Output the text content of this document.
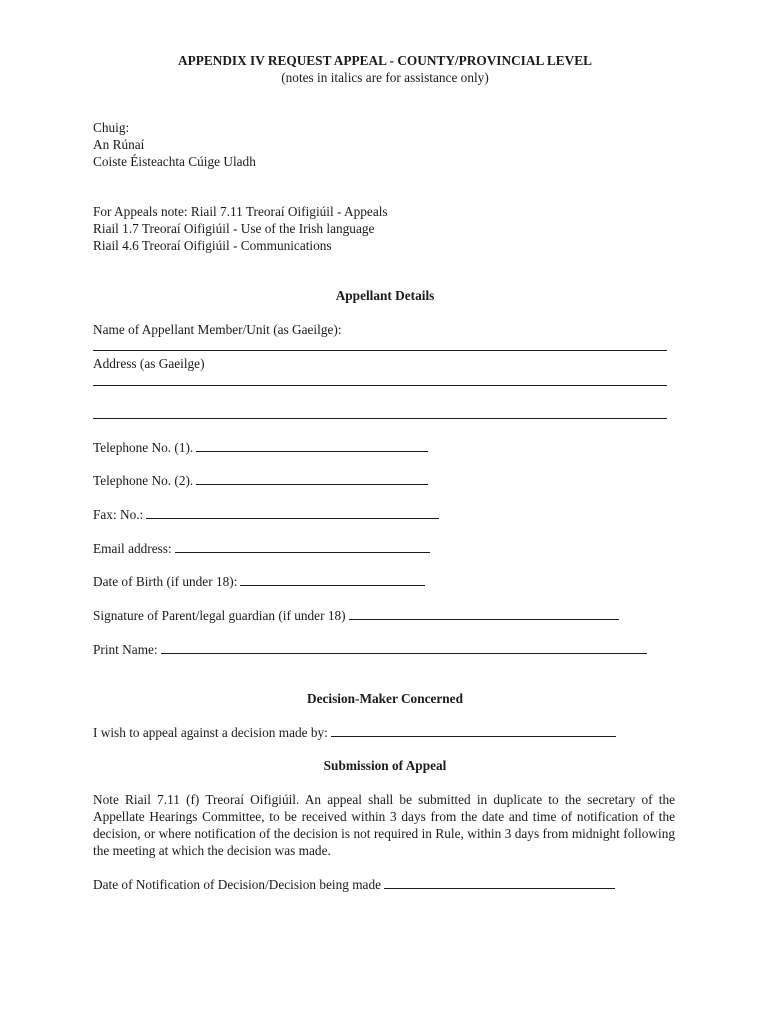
APPENDIX IV REQUEST APPEAL - COUNTY/PROVINCIAL LEVEL
(notes in italics are for assistance only)
Chuig:
An Rúnaí
Coiste Éisteachta Cúige Uladh
For Appeals note: Riail 7.11 Treoraí Oifigiúil - Appeals
Riail 1.7 Treoraí Oifigiúil - Use of the Irish language
Riail 4.6 Treoraí Oifigiúil - Communications
Appellant Details
Name of Appellant Member/Unit (as Gaeilge):
Address (as Gaeilge)
Telephone No. (1).
Telephone No. (2).
Fax: No.:
Email address:
Date of Birth (if under 18):
Signature of Parent/legal guardian (if under 18)
Print Name:
Decision-Maker Concerned
I wish to appeal against a decision made by:
Submission of Appeal
Note Riail 7.11 (f) Treoraí Oifigiúil. An appeal shall be submitted in duplicate to the secretary of the Appellate Hearings Committee, to be received within 3 days from the date and time of notification of the decision, or where notification of the decision is not required in Rule, within 3 days from midnight following the meeting at which the decision was made.
Date of Notification of Decision/Decision being made
